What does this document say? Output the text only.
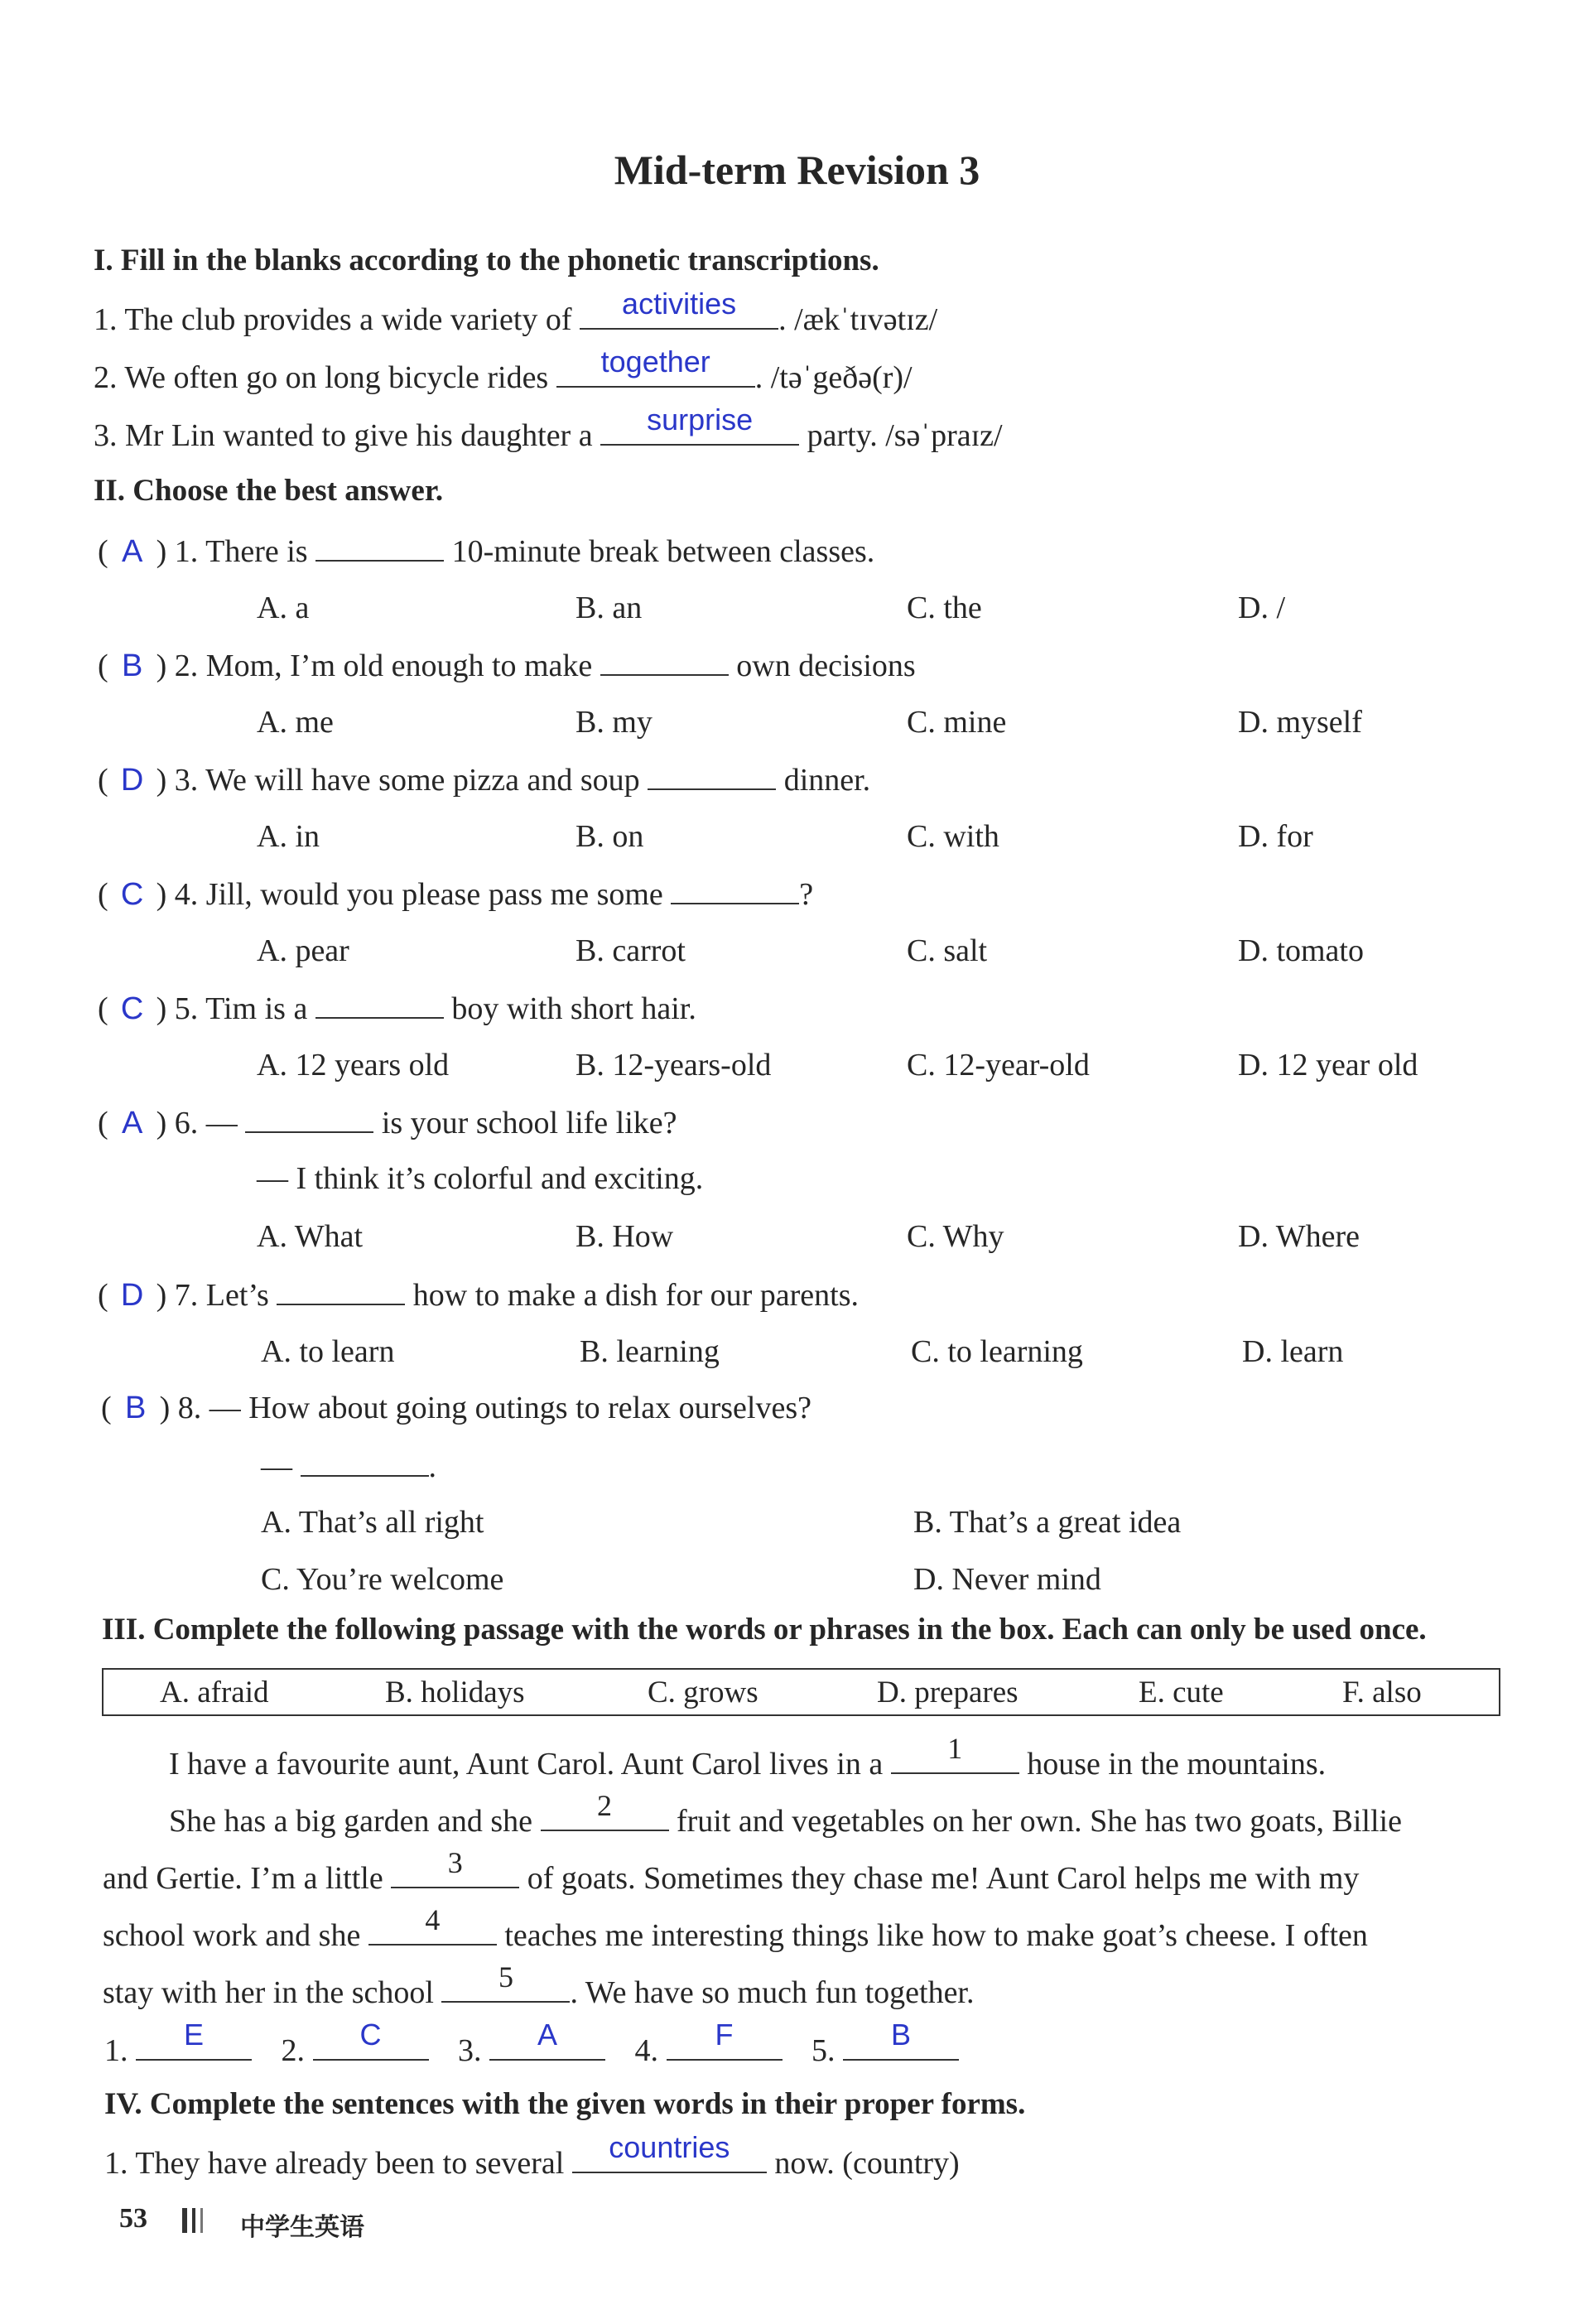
Mid-term Revision 3
I. Fill in the blanks according to the phonetic transcriptions.
1. The club provides a wide variety of	activities	. /ækˈtɪvətɪz/
2. We often go on long bicycle rides	together	. /təˈgeðə(r)/
3. Mr Lin wanted to give his daughter a	surprise	party. /səˈpraɪz/
II. Choose the best answer.
( A ) 1. There is	10-minute break between classes.
A. a	B. an	C. the	D. /
( B ) 2. Mom, I’m old enough to make	own decisions
A. me	B. my	C. mine	D. myself
( D ) 3. We will have some pizza and soup	dinner.
A. in	B. on	C. with	D. for
( C ) 4. Jill, would you please pass me some	?
A. pear	B. carrot	C. salt	D. tomato
( C ) 5. Tim is a	boy with short hair.
A. 12 years old	B. 12-years-old	C. 12-year-old	D. 12 year old
( A ) 6. —	is your school life like?
— I think it’s colorful and exciting.
A. What	B. How	C. Why	D. Where
( D ) 7. Let’s	how to make a dish for our parents.
A. to learn	B. learning	C. to learning	D. learn
( B ) 8. — How about going outings to relax ourselves?
—	.
A. That’s all right	B. That’s a great idea
C. You’re welcome	D. Never mind
III. Complete the following passage with the words or phrases in the box. Each can only be used once.
A. afraid	B. holidays	C. grows	D. prepares	E. cute	F. also
I have a favourite aunt, Aunt Carol. Aunt Carol lives in a	1	house in the mountains.
She has a big garden and she	2	fruit and vegetables on her own. She has two goats, Billie
and Gertie. I’m a little	3	of goats. Sometimes they chase me! Aunt Carol helps me with my
school work and she	4	teaches me interesting things like how to make goat’s cheese. I often
stay with her in the school	5	. We have so much fun together.
1.	E	2.	C	3.	A	4.	F	5.	B
IV. Complete the sentences with the given words in their proper forms.
1. They have already been to several	countries	now. (country)
53	中学生英语
